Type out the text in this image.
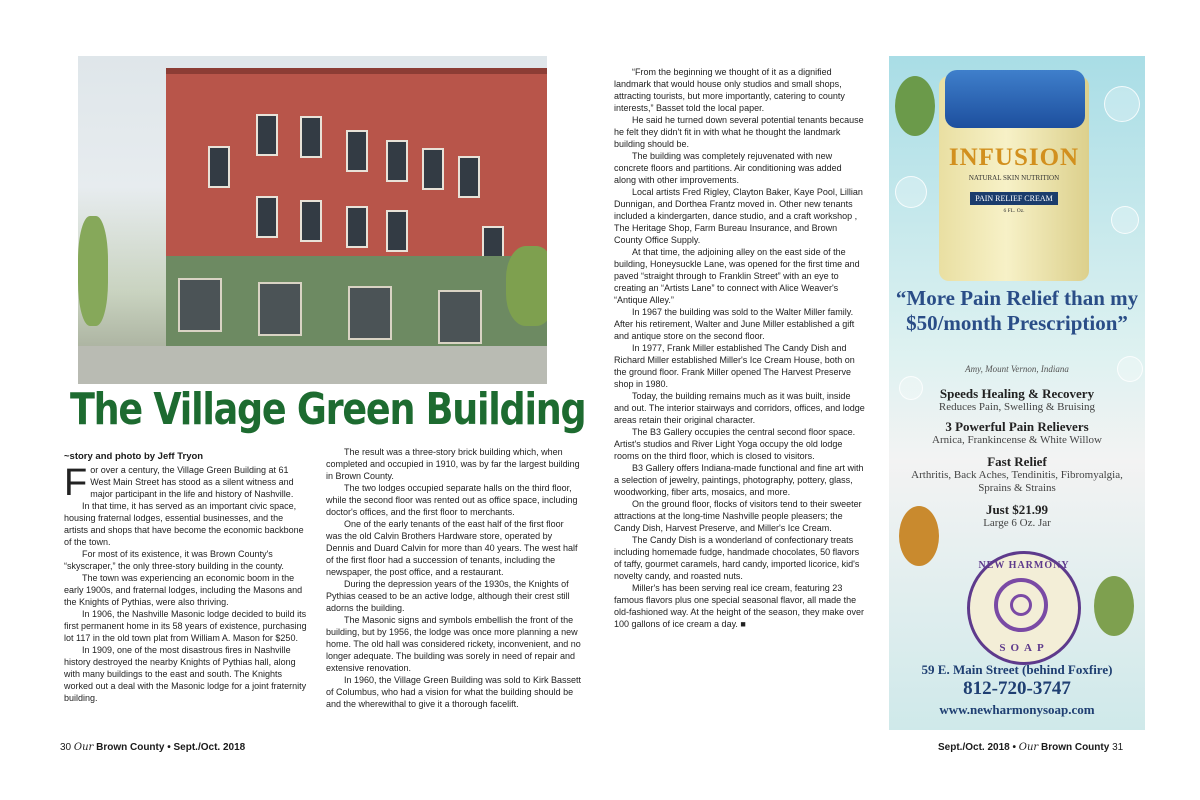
The Village Green Building
~story and photo by Jeff Tryon

For over a century, the Village Green Building at 61 West Main Street has stood as a silent witness and major participant in the life and history of Nashville.

In that time, it has served as an important civic space, housing fraternal lodges, essential businesses, and the artists and shops that have become the economic backbone of the town.

For most of its existence, it was Brown County's “skyscraper,” the only three-story building in the county.

The town was experiencing an economic boom in the early 1900s, and fraternal lodges, including the Masons and the Knights of Pythias, were also thriving.

In 1906, the Nashville Masonic lodge decided to build its first permanent home in its 58 years of existence, purchasing lot 117 in the old town plat from William A. Mason for $250.

In 1909, one of the most disastrous fires in Nashville history destroyed the nearby Knights of Pythias hall, along with many buildings to the east and south. The Knights worked out a deal with the Masonic lodge for a joint fraternity building.

The result was a three-story brick building which, when completed and occupied in 1910, was by far the largest building in Brown County.

The two lodges occupied separate halls on the third floor, while the second floor was rented out as office space, including doctor's offices, and the first floor to merchants.

One of the early tenants of the east half of the first floor was the old Calvin Brothers Hardware store, operated by Dennis and Duard Calvin for more than 40 years. The west half of the first floor had a succession of tenants, including the newspaper, the post office, and a restaurant.

During the depression years of the 1930s, the Knights of Pythias ceased to be an active lodge, although their crest still adorns the building.

The Masonic signs and symbols embellish the front of the building, but by 1956, the lodge was once more planning a new home. The old hall was considered rickety, inconvenient, and no longer adequate. The building was sorely in need of repair and extensive renovation.

In 1960, the Village Green Building was sold to Kirk Bassett of Columbus, who had a vision for what the building should be and the wherewithal to give it a thorough facelift.

“From the beginning we thought of it as a dignified landmark that would house only studios and small shops, attracting tourists, but more importantly, catering to county interests,” Basset told the local paper.

He said he turned down several potential tenants because he felt they didn't fit in with what he thought the landmark building should be.

The building was completely rejuvenated with new concrete floors and partitions. Air conditioning was added along with other improvements.

Local artists Fred Rigley, Clayton Baker, Kaye Pool, Lillian Dunnigan, and Dorthea Frantz moved in. Other new tenants included a kindergarten, dance studio, and a craft workshop , The Heritage Shop, Farm Bureau Insurance, and Brown County Office Supply.

At that time, the adjoining alley on the east side of the building, Honeysuckle Lane, was opened for the first time and paved “straight through to Franklin Street” with an eye to creating an “Artists Lane” to connect with Alice Weaver's “Antique Alley.”

In 1967 the building was sold to the Walter Miller family. After his retirement, Walter and June Miller established a gift and antique store on the second floor.

In 1977, Frank Miller established The Candy Dish and Richard Miller established Miller's Ice Cream House, both on the ground floor. Frank Miller opened The Harvest Preserve shop in 1980.

Today, the building remains much as it was built, inside and out. The interior stairways and corridors, offices, and lodge areas retain their original character.

The B3 Gallery occupies the central second floor space. Artist's studios and River Light Yoga occupy the old lodge rooms on the third floor, which is closed to visitors.

B3 Gallery offers Indiana-made functional and fine art with a selection of jewelry, paintings, photography, pottery, glass, woodworking, fiber arts, mosaics, and more.

On the ground floor, flocks of visitors tend to their sweeter attractions at the long-time Nashville people pleasers; the Candy Dish, Harvest Preserve, and Miller's Ice Cream.

The Candy Dish is a wonderland of confectionary treats including homemade fudge, handmade chocolates, 50 flavors of taffy, gourmet caramels, hard candy, imported licorice, kid's novelty candy, and roasted nuts.

Miller's has been serving real ice cream, featuring 23 famous flavors plus one special seasonal flavor, all made the old-fashioned way. At the height of the season, they make over 100 gallons of ice cream a day. ■

30 Our Brown County • Sept./Oct. 2018	Sept./Oct. 2018 • Our Brown County 31
INFUSION
NATURAL SKIN NUTRITION
PAIN RELIEF CREAM
6 FL. Oz.
“More Pain Relief than my $50/month Prescription”
Amy, Mount Vernon, Indiana
Speeds Healing & Recovery
Reduces Pain, Swelling & Bruising
3 Powerful Pain Relievers
Arnica, Frankincense & White Willow
Fast Relief
Arthritis, Back Aches, Tendinitis, Fibromyalgia, Sprains & Strains
Just $21.99
Large 6 Oz. Jar
NEW HARMONY
SOAP
59 E. Main Street (behind Foxfire)
812-720-3747
www.newharmonysoap.com
